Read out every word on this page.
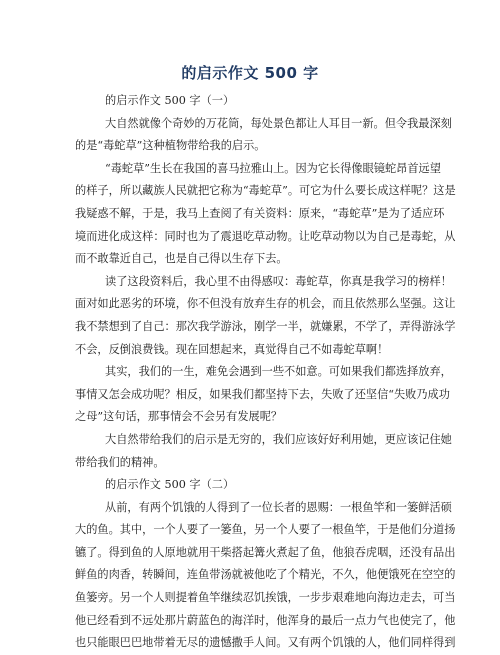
的启示作文 500 字
的启示作文 500 字（一）
大自然就像个奇妙的万花筒，每处景色都让人耳目一新。但令我最深刻
的是“毒蛇草”这种植物带给我的启示。
“毒蛇草”生长在我国的喜马拉雅山上。因为它长得像眼镜蛇昂首远望
的样子，所以藏族人民就把它称为“毒蛇草”。可它为什么要长成这样呢？这是
我疑惑不解，于是，我马上查阅了有关资料：原来，“毒蛇草”是为了适应环
境而进化成这样：同时也为了震退吃草动物。让吃草动物以为自己是毒蛇，从
而不敢靠近自己，也是自己得以生存下去。
读了这段资料后，我心里不由得感叹：毒蛇草，你真是我学习的榜样！
面对如此恶劣的环境，你不但没有放弃生存的机会，而且依然那么坚强。这让
我不禁想到了自己：那次我学游泳，刚学一半，就嫌累，不学了，弄得游泳学
不会，反倒浪费钱。现在回想起来，真觉得自己不如毒蛇草啊！
其实，我们的一生，难免会遇到一些不如意。可如果我们都选择放弃，
事情又怎会成功呢？相反，如果我们都坚持下去，失败了还坚信“失败乃成功
之母”这句话，那事情会不会另有发展呢？
大自然带给我们的启示是无穷的，我们应该好好利用她，更应该记住她
带给我们的精神。
的启示作文 500 字（二）
从前，有两个饥饿的人得到了一位长者的恩赐：一根鱼竿和一篓鲜活硕
大的鱼。其中，一个人要了一篓鱼，另一个人要了一根鱼竿，于是他们分道扬
镳了。得到鱼的人原地就用干柴搭起篝火煮起了鱼，他狼吞虎咽，还没有品出
鲜鱼的肉香，转瞬间，连鱼带汤就被他吃了个精光，不久，他便饿死在空空的
鱼篓旁。另一个人则提着鱼竿继续忍饥挨饿，一步步艰难地向海边走去，可当
他已经看到不远处那片蔚蓝色的海洋时，他浑身的最后一点力气也使完了，他
也只能眼巴巴地带着无尽的遗憾撒手人间。又有两个饥饿的人，他们同样得到
